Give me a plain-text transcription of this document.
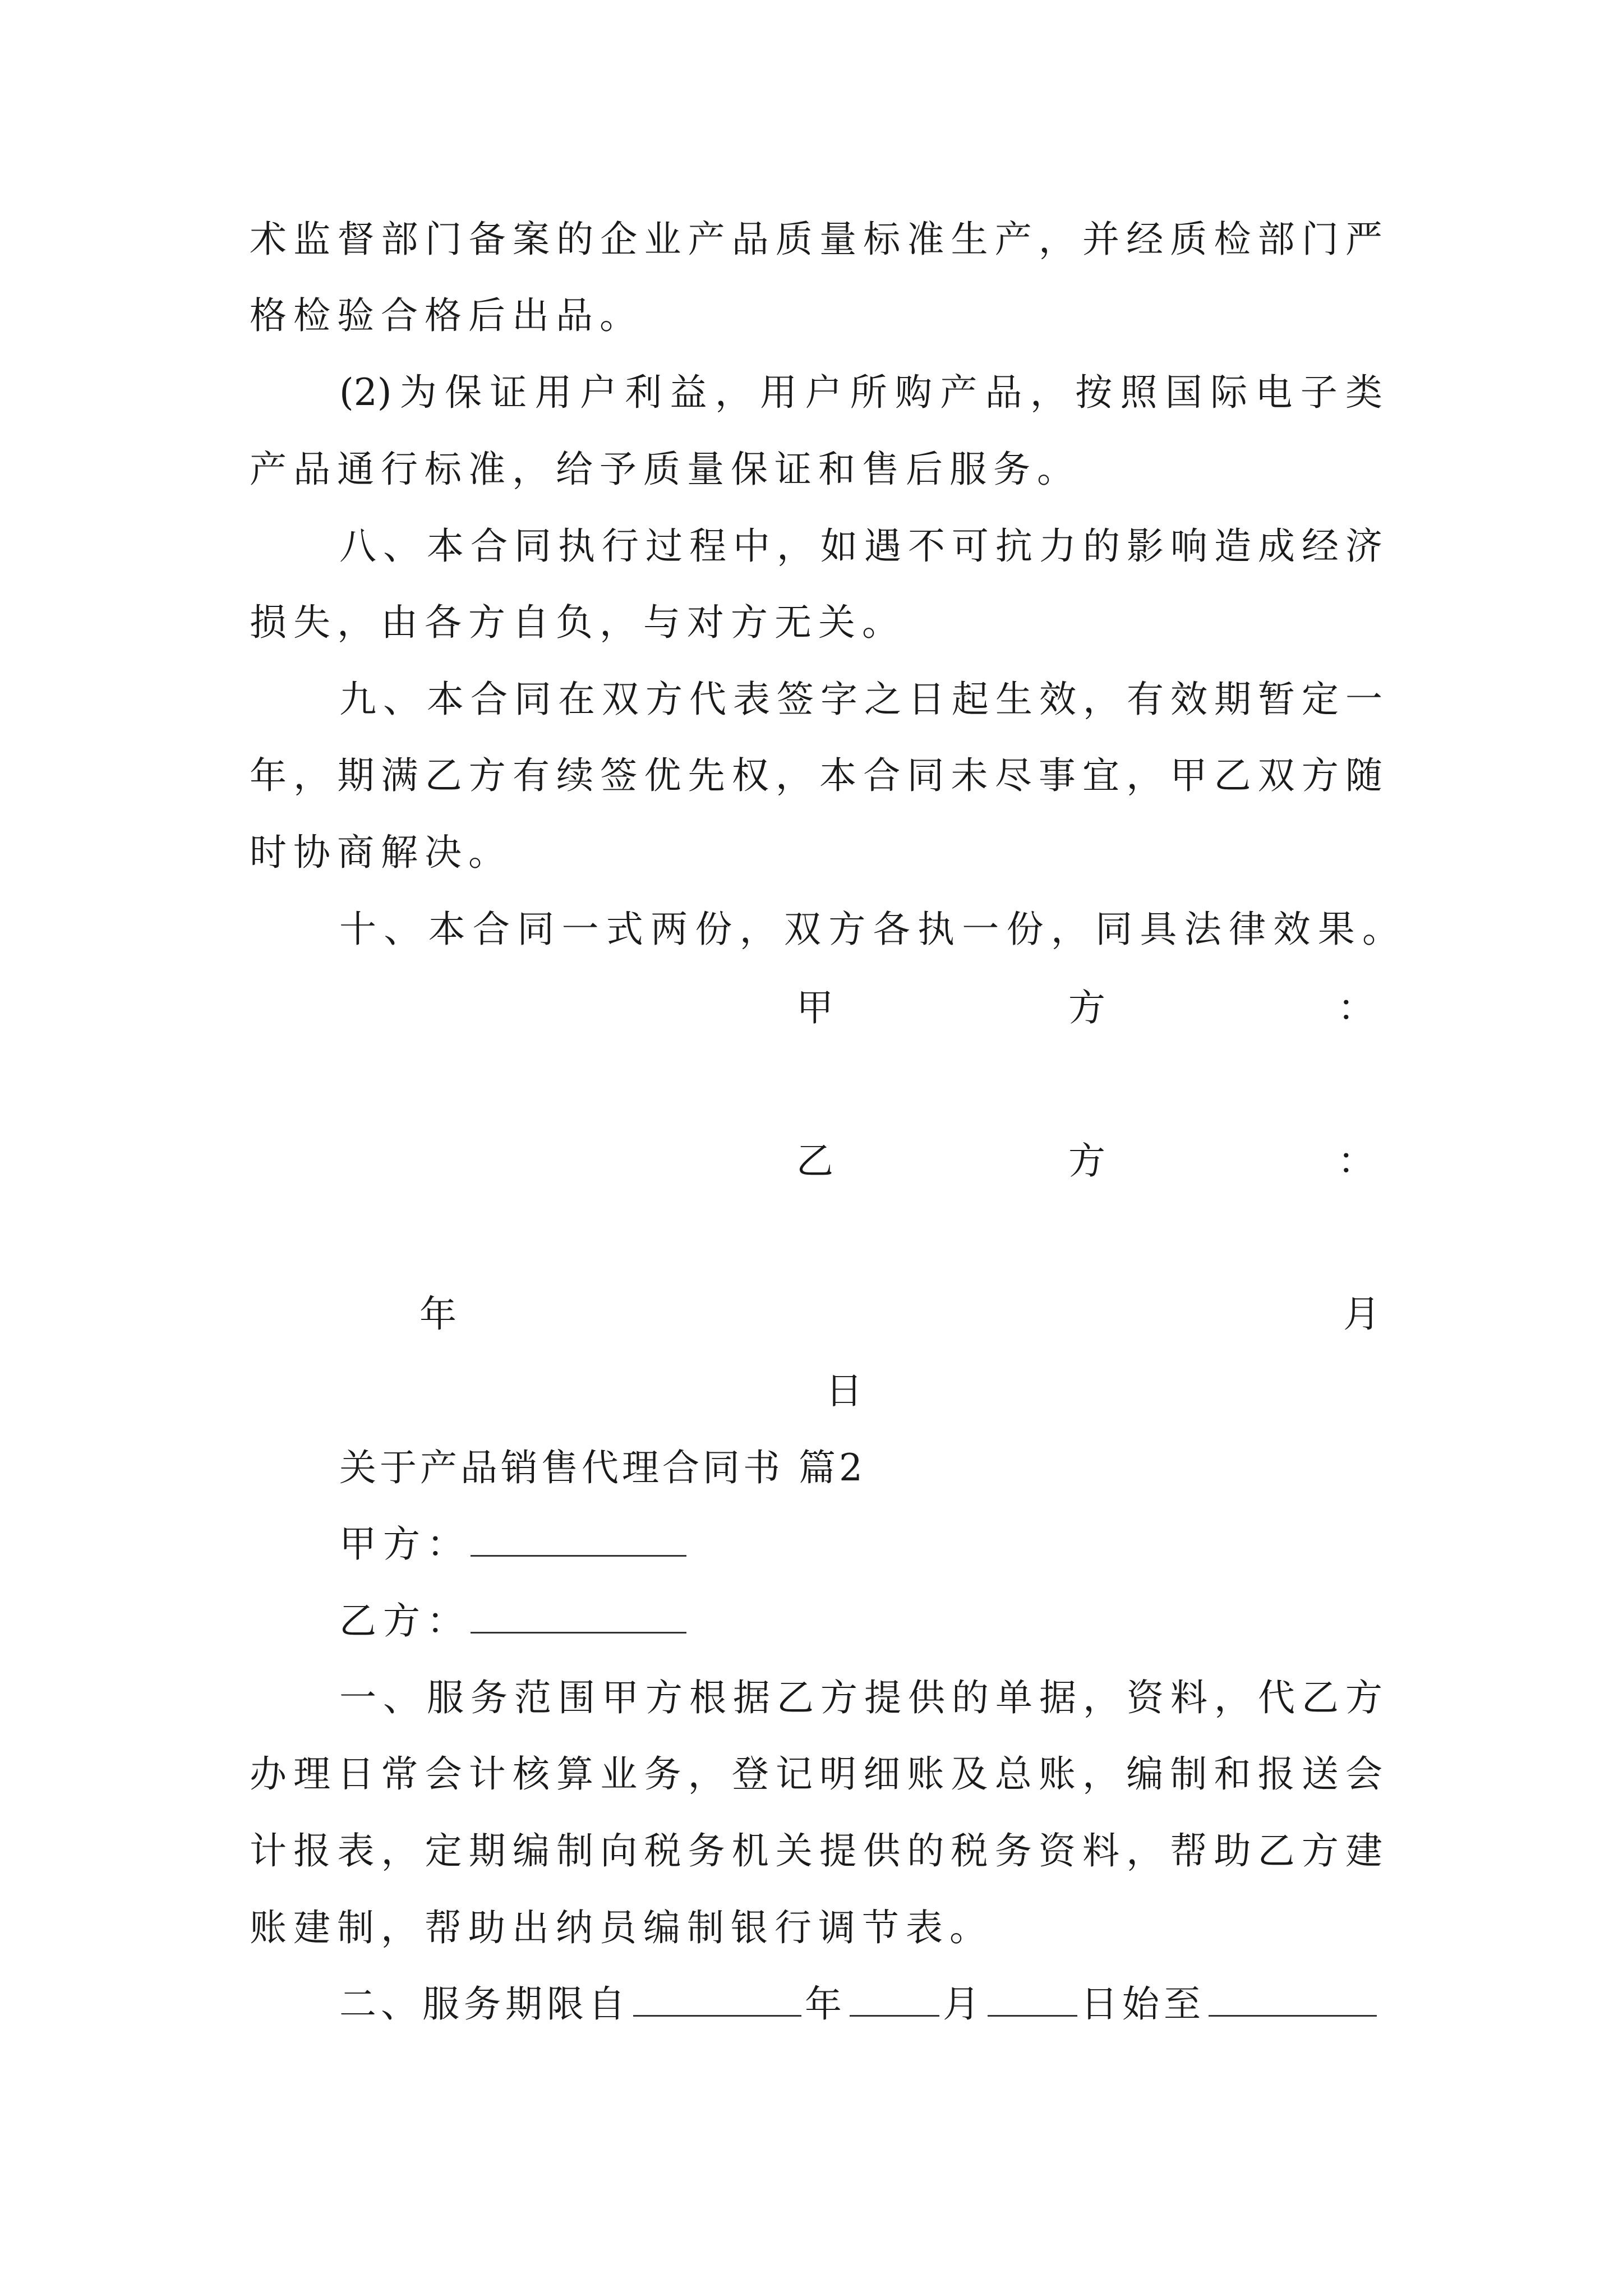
术监督部门备案的企业产品质量标准生产，并经质检部门严
格检验合格后出品。
(2)为保证用户利益，用户所购产品，按照国际电子类
产品通行标准，给予质量保证和售后服务。
八、本合同执行过程中，如遇不可抗力的影响造成经济
损失，由各方自负，与对方无关。
九、本合同在双方代表签字之日起生效，有效期暂定一
年，期满乙方有续签优先权，本合同未尽事宜，甲乙双方随
时协商解决。
十、本合同一式两份，双方各执一份，同具法律效果。
甲	方	：
乙	方	：
年	月
日
关于产品销售代理合同书 篇2
甲方：
乙方：
一、服务范围甲方根据乙方提供的单据，资料，代乙方
办理日常会计核算业务，登记明细账及总账，编制和报送会
计报表，定期编制向税务机关提供的税务资料，帮助乙方建
账建制，帮助出纳员编制银行调节表。
二、服务期限自	年	月	日始至
